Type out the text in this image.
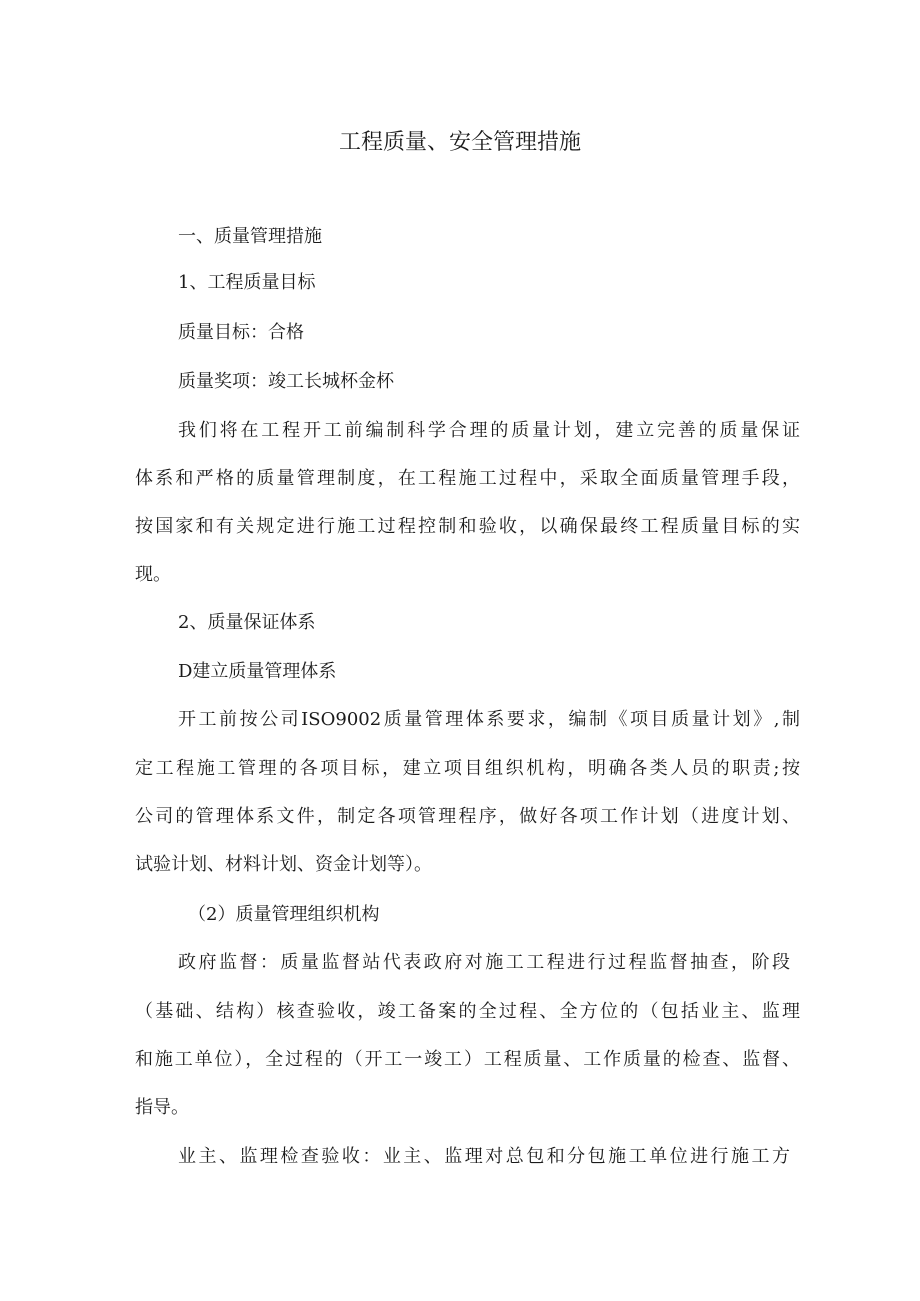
工程质量、安全管理措施
一、质量管理措施
1、工程质量目标
质量目标：合格
质量奖项：竣工长城杯金杯
我们将在工程开工前编制科学合理的质量计划，建立完善的质量保证
体系和严格的质量管理制度，在工程施工过程中，采取全面质量管理手段，
按国家和有关规定进行施工过程控制和验收，以确保最终工程质量目标的实
现。
2、质量保证体系
D建立质量管理体系
开工前按公司ISO9002质量管理体系要求，编制《项目质量计划》,制
定工程施工管理的各项目标，建立项目组织机构，明确各类人员的职责;按
公司的管理体系文件，制定各项管理程序，做好各项工作计划（进度计划、
试验计划、材料计划、资金计划等）。
（2）质量管理组织机构
政府监督：质量监督站代表政府对施工工程进行过程监督抽查，阶段
（基础、结构）核查验收，竣工备案的全过程、全方位的（包括业主、监理
和施工单位），全过程的（开工一竣工）工程质量、工作质量的检查、监督、
指导。
业主、监理检查验收：业主、监理对总包和分包施工单位进行施工方
